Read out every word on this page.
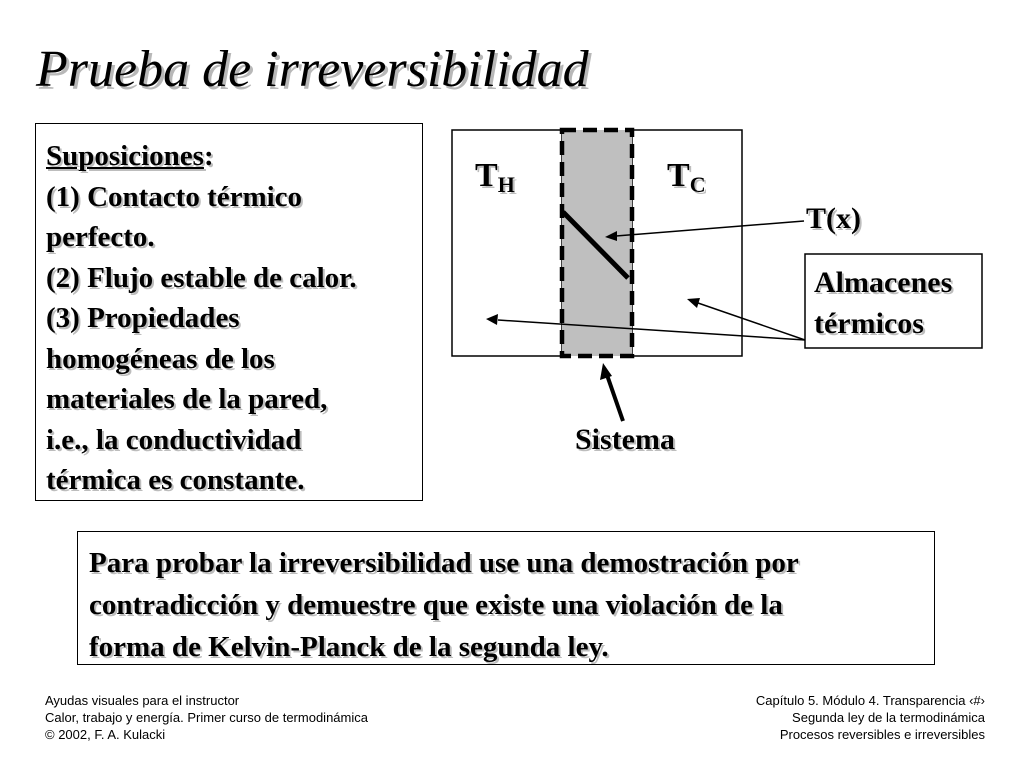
Prueba de irreversibilidad
Suposiciones:
(1) Contacto térmico
perfecto.
(2) Flujo estable de calor.
(3) Propiedades
homogéneas de los
materiales de la pared,
i.e., la conductividad
térmica es constante.
TH	TC
T(x)
Almacenes
térmicos
Sistema
Para probar la irreversibilidad use una demostración por
contradicción y demuestre que existe una violación de la
forma de Kelvin-Planck de la segunda ley.
Ayudas visuales para el instructor
Calor, trabajo y energía. Primer curso de termodinámica
© 2002, F. A. Kulacki
Capítulo 5. Módulo 4. Transparencia ‹#›
Segunda ley de la termodinámica
Procesos reversibles e irreversibles
